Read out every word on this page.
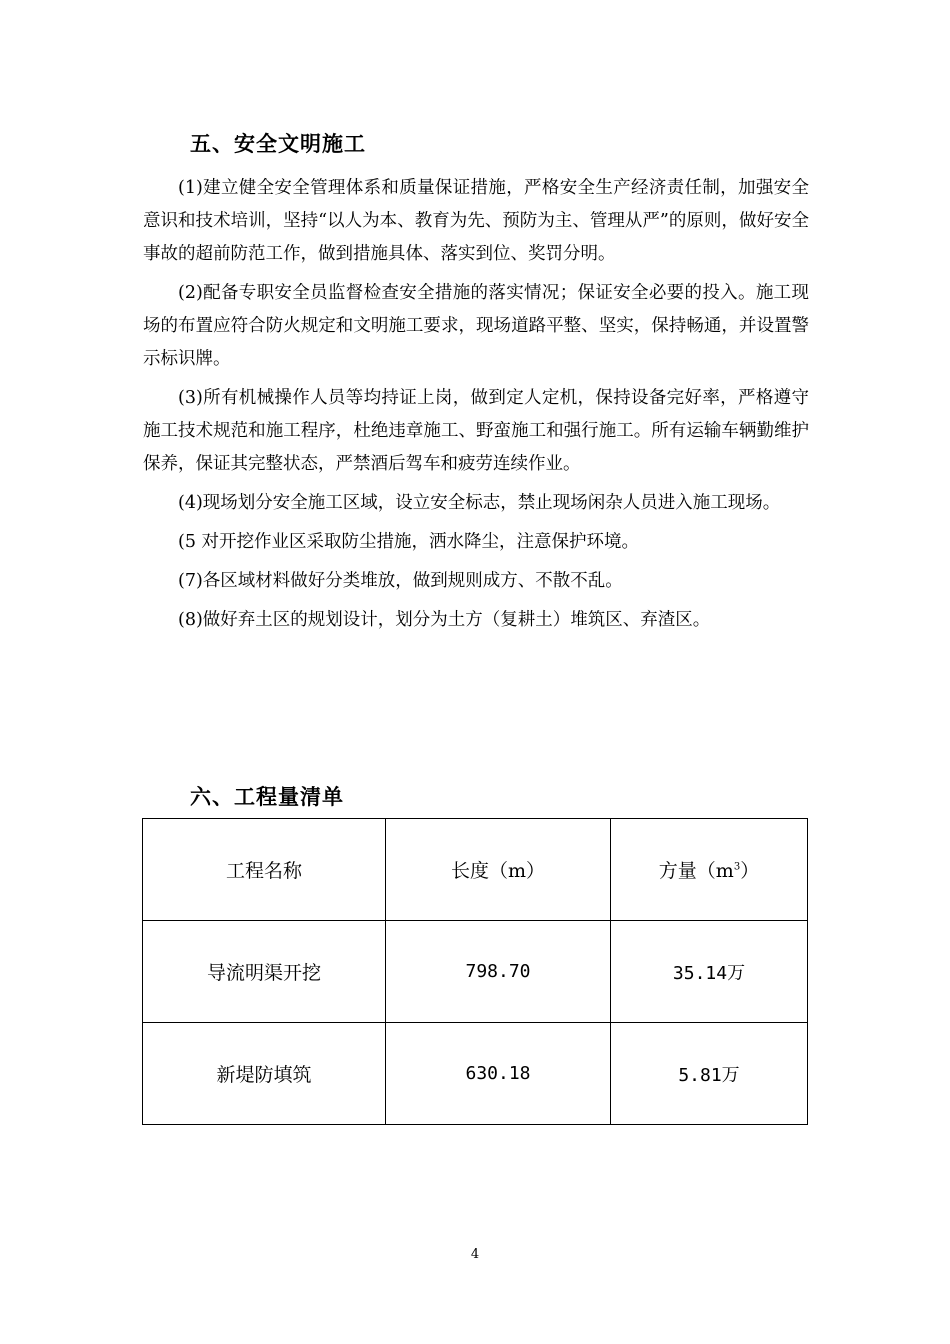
五、安全文明施工

(1)建立健全安全管理体系和质量保证措施，严格安全生产经济责任制，加强安全意识和技术培训，坚持“以人为本、教育为先、预防为主、管理从严”的原则，做好安全事故的超前防范工作，做到措施具体、落实到位、奖罚分明。

(2)配备专职安全员监督检查安全措施的落实情况；保证安全必要的投入。施工现场的布置应符合防火规定和文明施工要求，现场道路平整、坚实，保持畅通，并设置警示标识牌。

(3)所有机械操作人员等均持证上岗，做到定人定机，保持设备完好率，严格遵守施工技术规范和施工程序，杜绝违章施工、野蛮施工和强行施工。所有运输车辆勤维护保养，保证其完整状态，严禁酒后驾车和疲劳连续作业。

(4)现场划分安全施工区域，设立安全标志，禁止现场闲杂人员进入施工现场。

(5 对开挖作业区采取防尘措施，洒水降尘，注意保护环境。

(7)各区域材料做好分类堆放，做到规则成方、不散不乱。

(8)做好弃土区的规划设计，划分为土方（复耕土）堆筑区、弃渣区。

六、工程量清单
工程名称	长度（m）	方量$(m^3)$
导流明渠开挖	798.70	35.14万
新堤防填筑	630.18	5.81万
4
